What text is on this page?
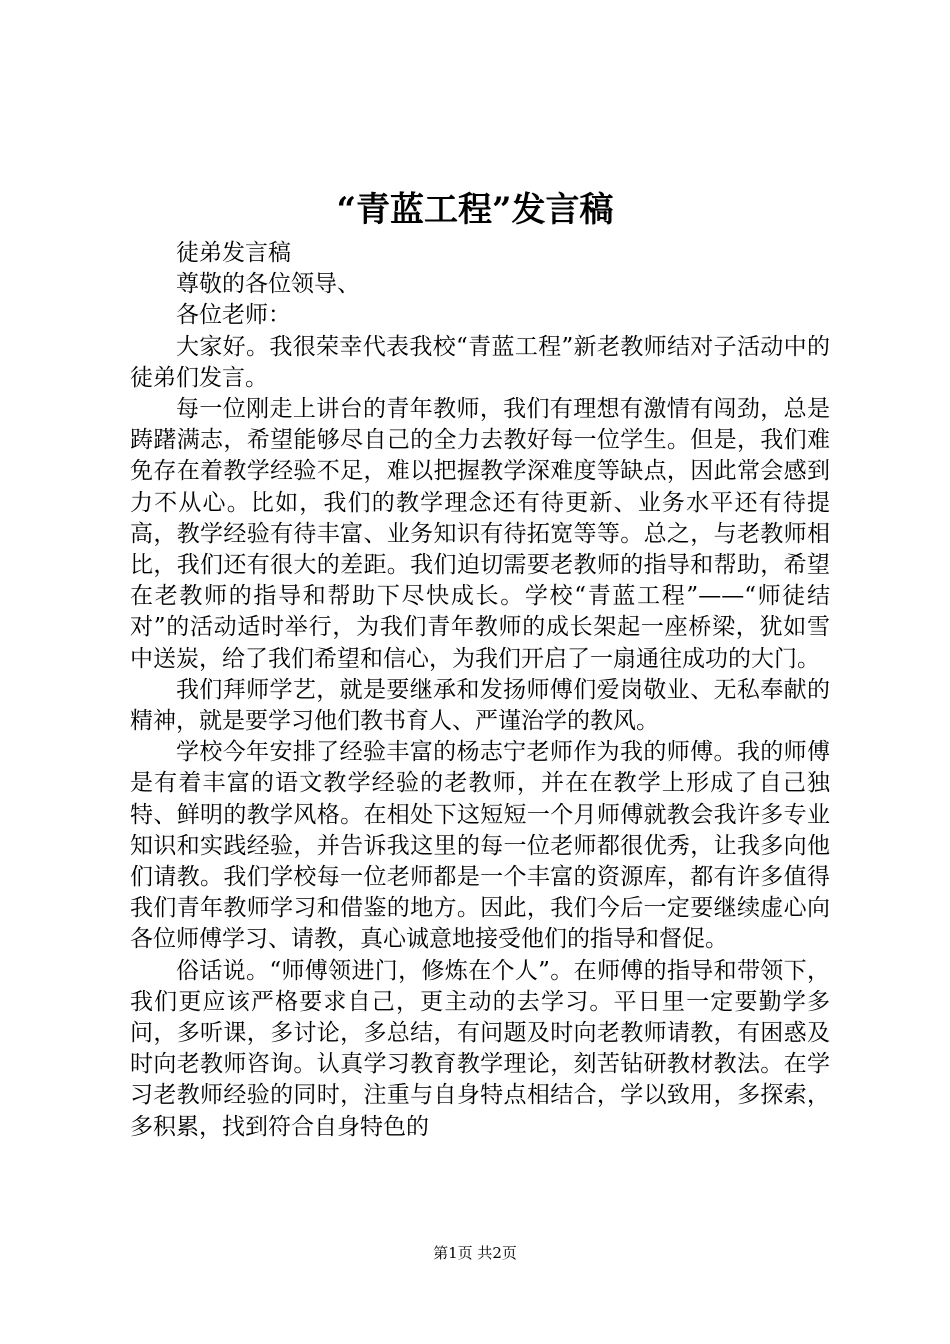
“青蓝工程”发言稿

徒弟发言稿

尊敬的各位领导、

各位老师：

大家好。我很荣幸代表我校“青蓝工程”新老教师结对子活动中的徒弟们发言。

每一位刚走上讲台的青年教师，我们有理想有激情有闯劲，总是踌躇满志，希望能够尽自己的全力去教好每一位学生。但是，我们难免存在着教学经验不足，难以把握教学深难度等缺点，因此常会感到力不从心。比如，我们的教学理念还有待更新、业务水平还有待提高，教学经验有待丰富、业务知识有待拓宽等等。总之，与老教师相比，我们还有很大的差距。我们迫切需要老教师的指导和帮助，希望在老教师的指导和帮助下尽快成长。学校“青蓝工程”——“师徒结对”的活动适时举行，为我们青年教师的成长架起一座桥梁，犹如雪中送炭，给了我们希望和信心，为我们开启了一扇通往成功的大门。

我们拜师学艺，就是要继承和发扬师傅们爱岗敬业、无私奉献的精神，就是要学习他们教书育人、严谨治学的教风。

学校今年安排了经验丰富的杨志宁老师作为我的师傅。我的师傅是有着丰富的语文教学经验的老教师，并在在教学上形成了自己独特、鲜明的教学风格。在相处下这短短一个月师傅就教会我许多专业知识和实践经验，并告诉我这里的每一位老师都很优秀，让我多向他们请教。我们学校每一位老师都是一个丰富的资源库，都有许多值得我们青年教师学习和借鉴的地方。因此，我们今后一定要继续虚心向各位师傅学习、请教，真心诚意地接受他们的指导和督促。

俗话说。“师傅领进门，修炼在个人”。在师傅的指导和带领下，我们更应该严格要求自己，更主动的去学习。平日里一定要勤学多问，多听课，多讨论，多总结，有问题及时向老教师请教，有困惑及时向老教师咨询。认真学习教育教学理论，刻苦钻研教材教法。在学习老教师经验的同时，注重与自身特点相结合，学以致用，多探索，多积累，找到符合自身特色的

第1页 共2页
